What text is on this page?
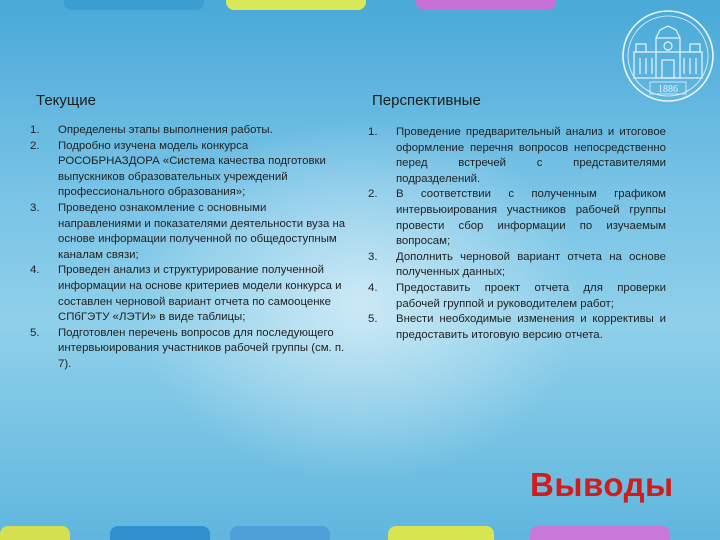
1886
Текущие	Перспективные
1. Определены этапы выполнения работы.
2. Подробно изучена модель конкурса РОСОБРНАЗДОРА «Система качества подготовки выпускников образовательных учреждений профессионального образования»;
3. Проведено ознакомление с основными направлениями и показателями деятельности вуза на основе информации полученной по общедоступным каналам связи;
4. Проведен анализ и структурирование полученной информации на основе критериев модели конкурса и составлен черновой вариант отчета по самооценке СПбГЭТУ «ЛЭТИ» в виде таблицы;
5. Подготовлен перечень вопросов для последующего интервьюирования участников рабочей группы (см. п. 7).
1. Проведение предварительный анализ и итоговое оформление перечня вопросов непосредственно перед встречей с представителями подразделений.
2. В соответствии с полученным графиком интервьюирования участников рабочей группы провести сбор информации по изучаемым вопросам;
3. Дополнить черновой вариант отчета на основе полученных данных;
4. Предоставить проект отчета для проверки рабочей группой и руководителем работ;
5. Внести необходимые изменения и коррективы и предоставить итоговую версию отчета.
Выводы
